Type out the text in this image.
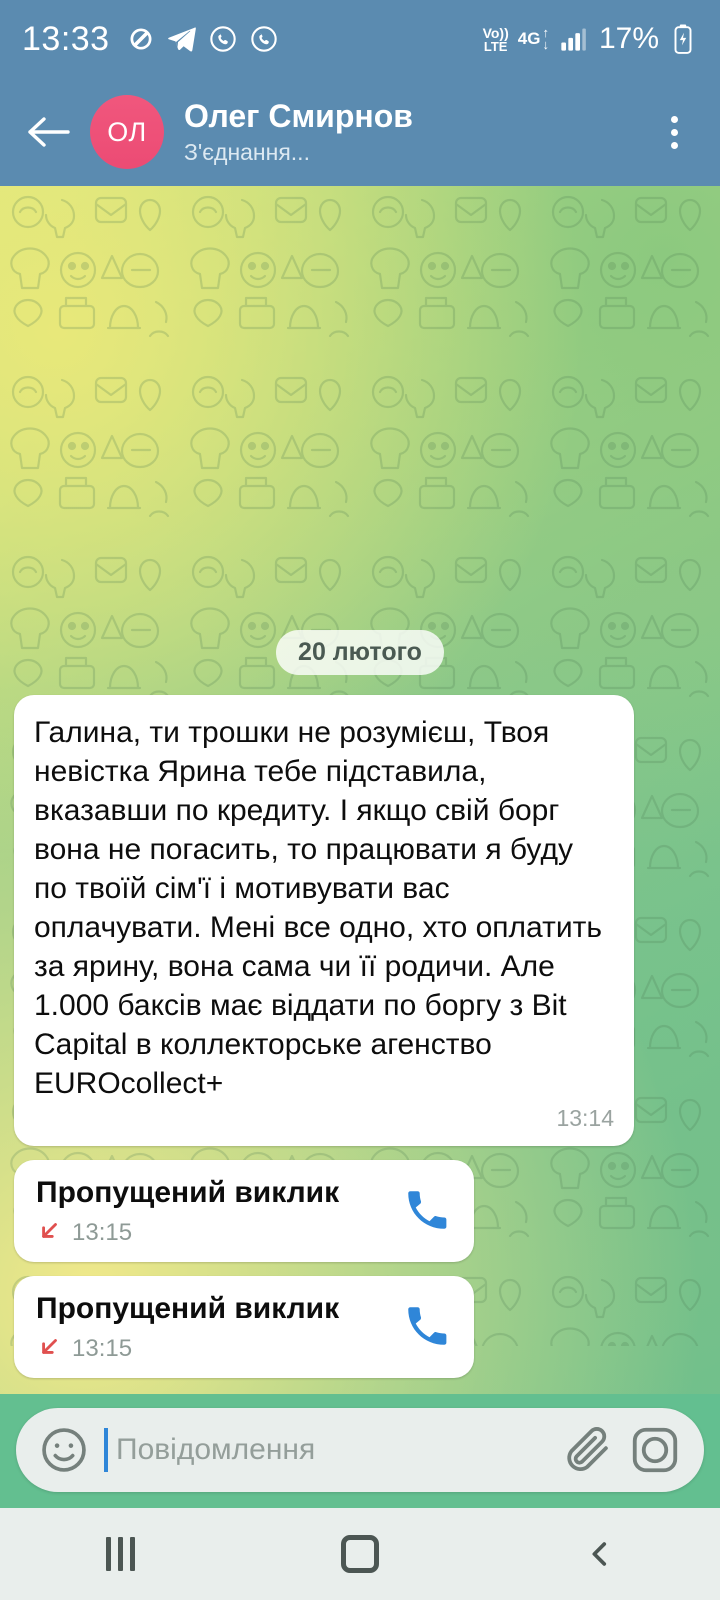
13:33	Vo))
LTE 4G ↑
↓ 17%
ОЛ	Олег Смирнов
З'єднання...
20 лютого
Галина, ти трошки не розумієш, Твоя невістка Ярина тебе підставила, вказавши по кредиту. І якщо свій борг вона не погасить, то працювати я буду по твоїй сім'ї і мотивувати вас оплачувати. Мені все одно, хто оплатить за ярину, вона сама чи її родичи. Але 1.000 баксів має віддати по боргу з Bit Capital в коллекторське агенство EUROcollect+
13:14
Пропущений виклик
13:15
Пропущений виклик
13:15
Повідомлення
